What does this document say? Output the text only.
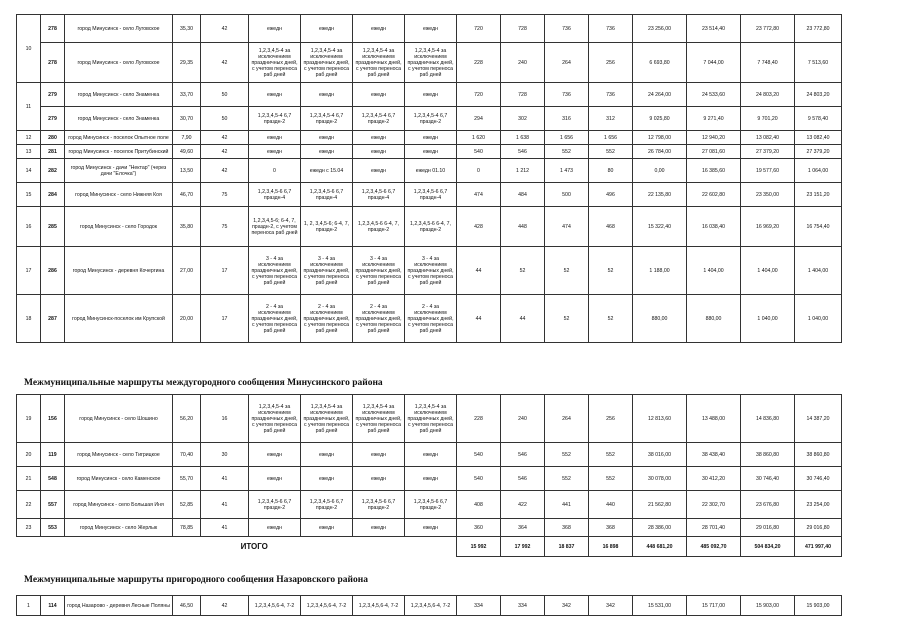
10	278	город Минусинск - село Луговское	35,30	42	ежедн	ежедн	ежедн	ежедн	720	728	736	736	23 256,00	23 514,40	23 772,80	23 772,80
	278	город Минусинск - село Луговское	29,35	42	1,2,3,4,5-4 за исключением праздничных дней, с учетом переноса раб дней	1,2,3,4,5-4 за исключением праздничных дней, с учетом переноса раб дней	1,2,3,4,5-4 за исключением праздничных дней, с учетом переноса раб дней	1,2,3,4,5-4 за исключением праздничных дней, с учетом переноса раб дней	228	240	264	256	6 693,80	7 044,00	7 748,40	7 513,60
11	279	город Минусинск - село Знаменка	33,70	50	ежедн	ежедн	ежедн	ежедн	720	728	736	736	24 264,00	24 533,60	24 803,20	24 803,20
	279	город Минусинск - село Знаменка	30,70	50	1,2,3,4,5-4 6,7 праздн-2	1,2,3,4,5-4 6,7 праздн-2	1,2,3,4,5-4 6,7 праздн-2	1,2,3,4,5-4 6,7 праздн-2	294	302	316	312	9 025,80	9 271,40	9 701,20	9 578,40
12	280	город Минусинск - поселок Опытное поле	7,90	42	ежедн	ежедн	ежедн	ежедн	1 620	1 638	1 656	1 656	12 798,00	12 940,20	13 082,40	13 082,40
13	281	город Минусинск - поселок Притубинский	49,60	42	ежедн	ежедн	ежедн	ежедн	540	546	552	552	26 784,00	27 081,60	27 379,20	27 379,20
14	282	город Минусинск - дачи "Нектар" (через дачи "Елочка")	13,50	42	0	ежедн с 15.04	ежедн	ежедн 01.10	0	1 212	1 473	80	0,00	16 385,60	19 577,60	1 064,00
15	284	город Минусинск - село Нижняя Коя	46,70	75	1,2,3,4,5-6 6,7 праздн-4	1,2,3,4,5-6 6,7 праздн-4	1,2,3,4,5-6 6,7 праздн-4	1,2,3,4,5-6 6,7 праздн-4	474	484	500	496	22 135,80	22 602,80	23 350,00	23 151,20
16	285	город Минусинск - село Городок	35,80	75	1,2,3,4,5-6; 6-4, 7, праздн-2, с учетом переноса раб дней	1, 2, 3,4,5-6; 6-4, 7, праздн-2	1,2,3,4,5-6 6-4, 7, праздн-2	1,2,3,4,5-6 6-4, 7, праздн-2	428	448	474	468	15 322,40	16 038,40	16 969,20	16 754,40
17	286	город Минусинск - деревня Кочергина	27,00	17	3 - 4 за исключением праздничных дней, с учетом переноса раб дней	3 - 4 за исключением праздничных дней, с учетом переноса раб дней	3 - 4 за исключением праздничных дней, с учетом переноса раб дней	3 - 4 за исключением праздничных дней, с учетом переноса раб дней	44	52	52	52	1 188,00	1 404,00	1 404,00	1 404,00
18	287	город Минусинск-поселок им Крупской	20,00	17	2 - 4 за исключением праздничных дней, с учетом переноса раб дней	2 - 4 за исключением праздничных дней, с учетом переноса раб дней	2 - 4 за исключением праздничных дней, с учетом переноса раб дней	2 - 4 за исключением праздничных дней, с учетом переноса раб дней	44	44	52	52	880,00	880,00	1 040,00	1 040,00
Межмуниципальные маршруты междугородного сообщения Минусинского района
19	156	город Минусинск - село Шошино	56,20	16	1,2,3,4,5-4 за исключением праздничных дней, с учетом переноса раб дней	1,2,3,4,5-4 за исключением праздничных дней, с учетом переноса раб дней	1,2,3,4,5-4 за исключением праздничных дней, с учетом переноса раб дней	1,2,3,4,5-4 за исключением праздничных дней, с учетом переноса раб дней	228	240	264	256	12 813,60	13 488,00	14 836,80	14 387,20
20	119	город Минусинск - село Тигрицкое	70,40	30	ежедн	ежедн	ежедн	ежедн	540	546	552	552	38 016,00	38 438,40	38 860,80	38 860,80
21	548	город Минусинск - село Каменское	55,70	41	ежедн	ежедн	ежедн	ежедн	540	546	552	552	30 078,00	30 412,20	30 746,40	30 746,40
22	557	город Минусинск - село Большая Иня	52,85	41	1,2,3,4,5-6 6,7 праздн-2	1,2,3,4,5-6 6,7 праздн-2	1,2,3,4,5-6 6,7 праздн-2	1,2,3,4,5-6 6,7 праздн-2	408	422	441	440	21 562,80	22 302,70	23 676,80	23 254,00
23	553	город Минусинск - село Жерлык	78,85	41	ежедн	ежедн	ежедн	ежедн	360	364	368	368	28 386,00	28 701,40	29 016,80	29 016,80
	ИТОГО								15 992	17 992	18 837	16 898	448 681,20	485 092,70	504 834,20	471 997,40
Межмуниципальные маршруты пригородного сообщения Назаровского района
1	114	город Назарово - деревня Лесные Поляны	46,50	42	1,2,3,4,5,6-4, 7-2	1,2,3,4,5,6-4, 7-2	1,2,3,4,5,6-4, 7-2	1,2,3,4,5,6-4, 7-2	334	334	342	342	15 531,00	15 717,00	15 903,00	15 903,00
